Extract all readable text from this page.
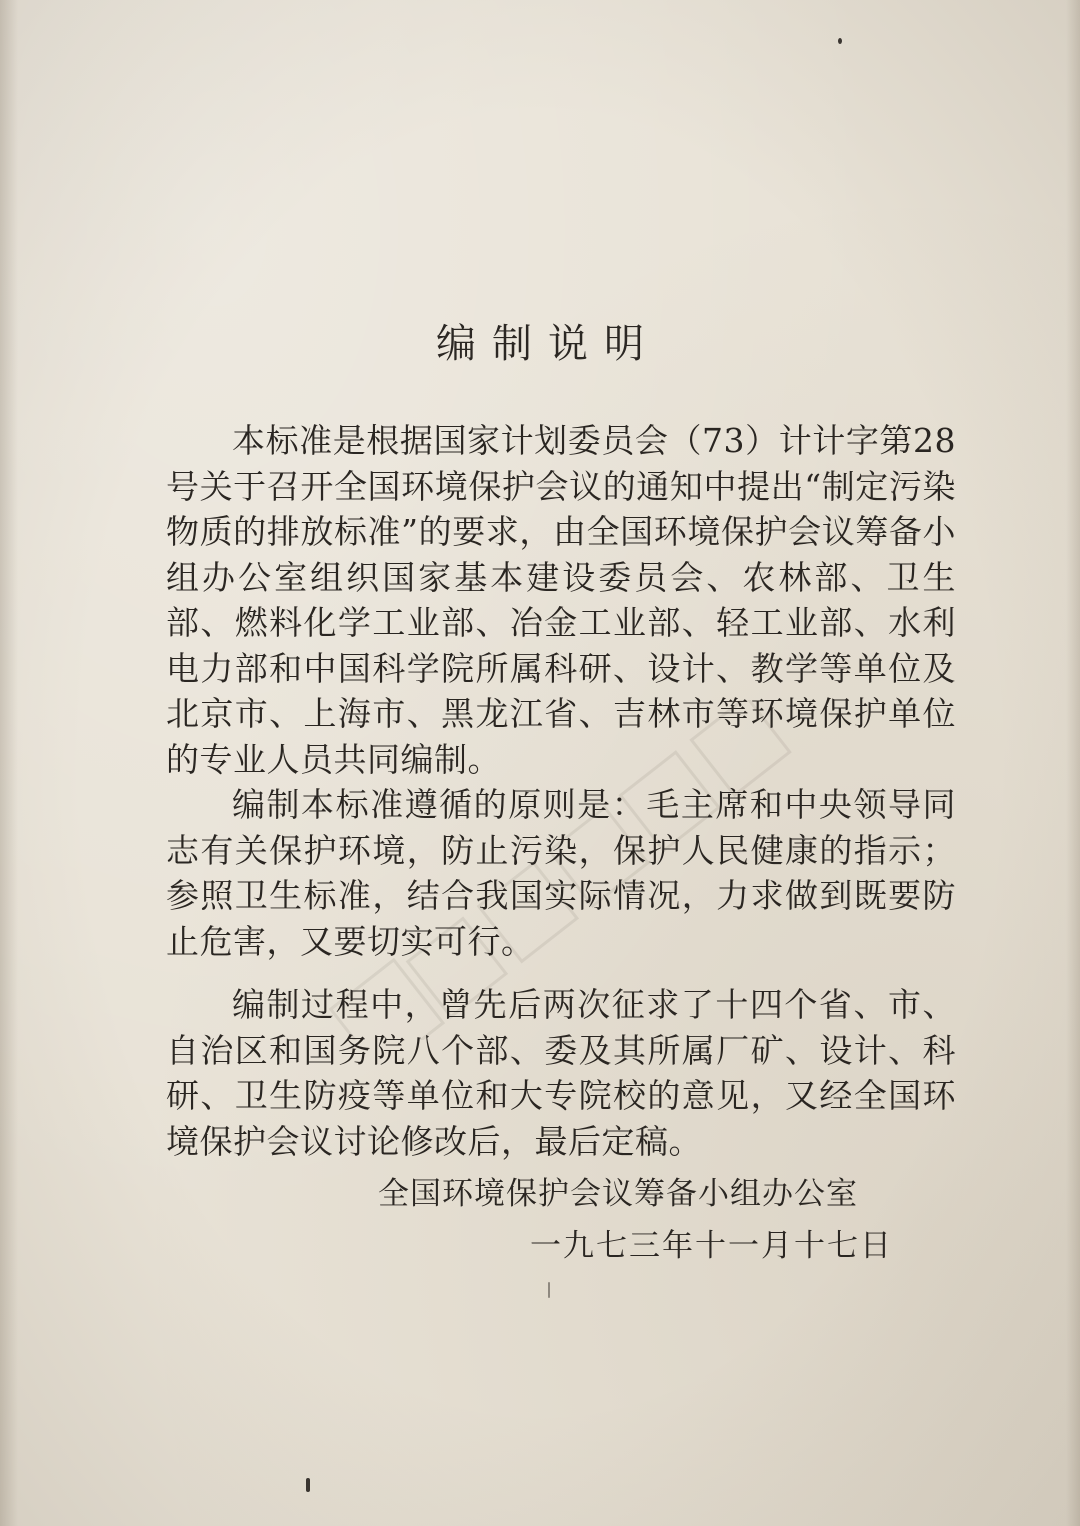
编制说明

本标准是根据国家计划委员会（73）计计字第28号关于召开全国环境保护会议的通知中提出“制定污染物质的排放标准”的要求，由全国环境保护会议筹备小组办公室组织国家基本建设委员会、农林部、卫生部、燃料化学工业部、冶金工业部、轻工业部、水利电力部和中国科学院所属科研、设计、教学等单位及北京市、上海市、黑龙江省、吉林市等环境保护单位的专业人员共同编制。

编制本标准遵循的原则是：毛主席和中央领导同志有关保护环境，防止污染，保护人民健康的指示；参照卫生标准，结合我国实际情况，力求做到既要防止危害，又要切实可行。

编制过程中，曾先后两次征求了十四个省、市、自治区和国务院八个部、委及其所属厂矿、设计、科研、卫生防疫等单位和大专院校的意见，又经全国环境保护会议讨论修改后，最后定稿。

全国环境保护会议筹备小组办公室
一九七三年十一月十七日
